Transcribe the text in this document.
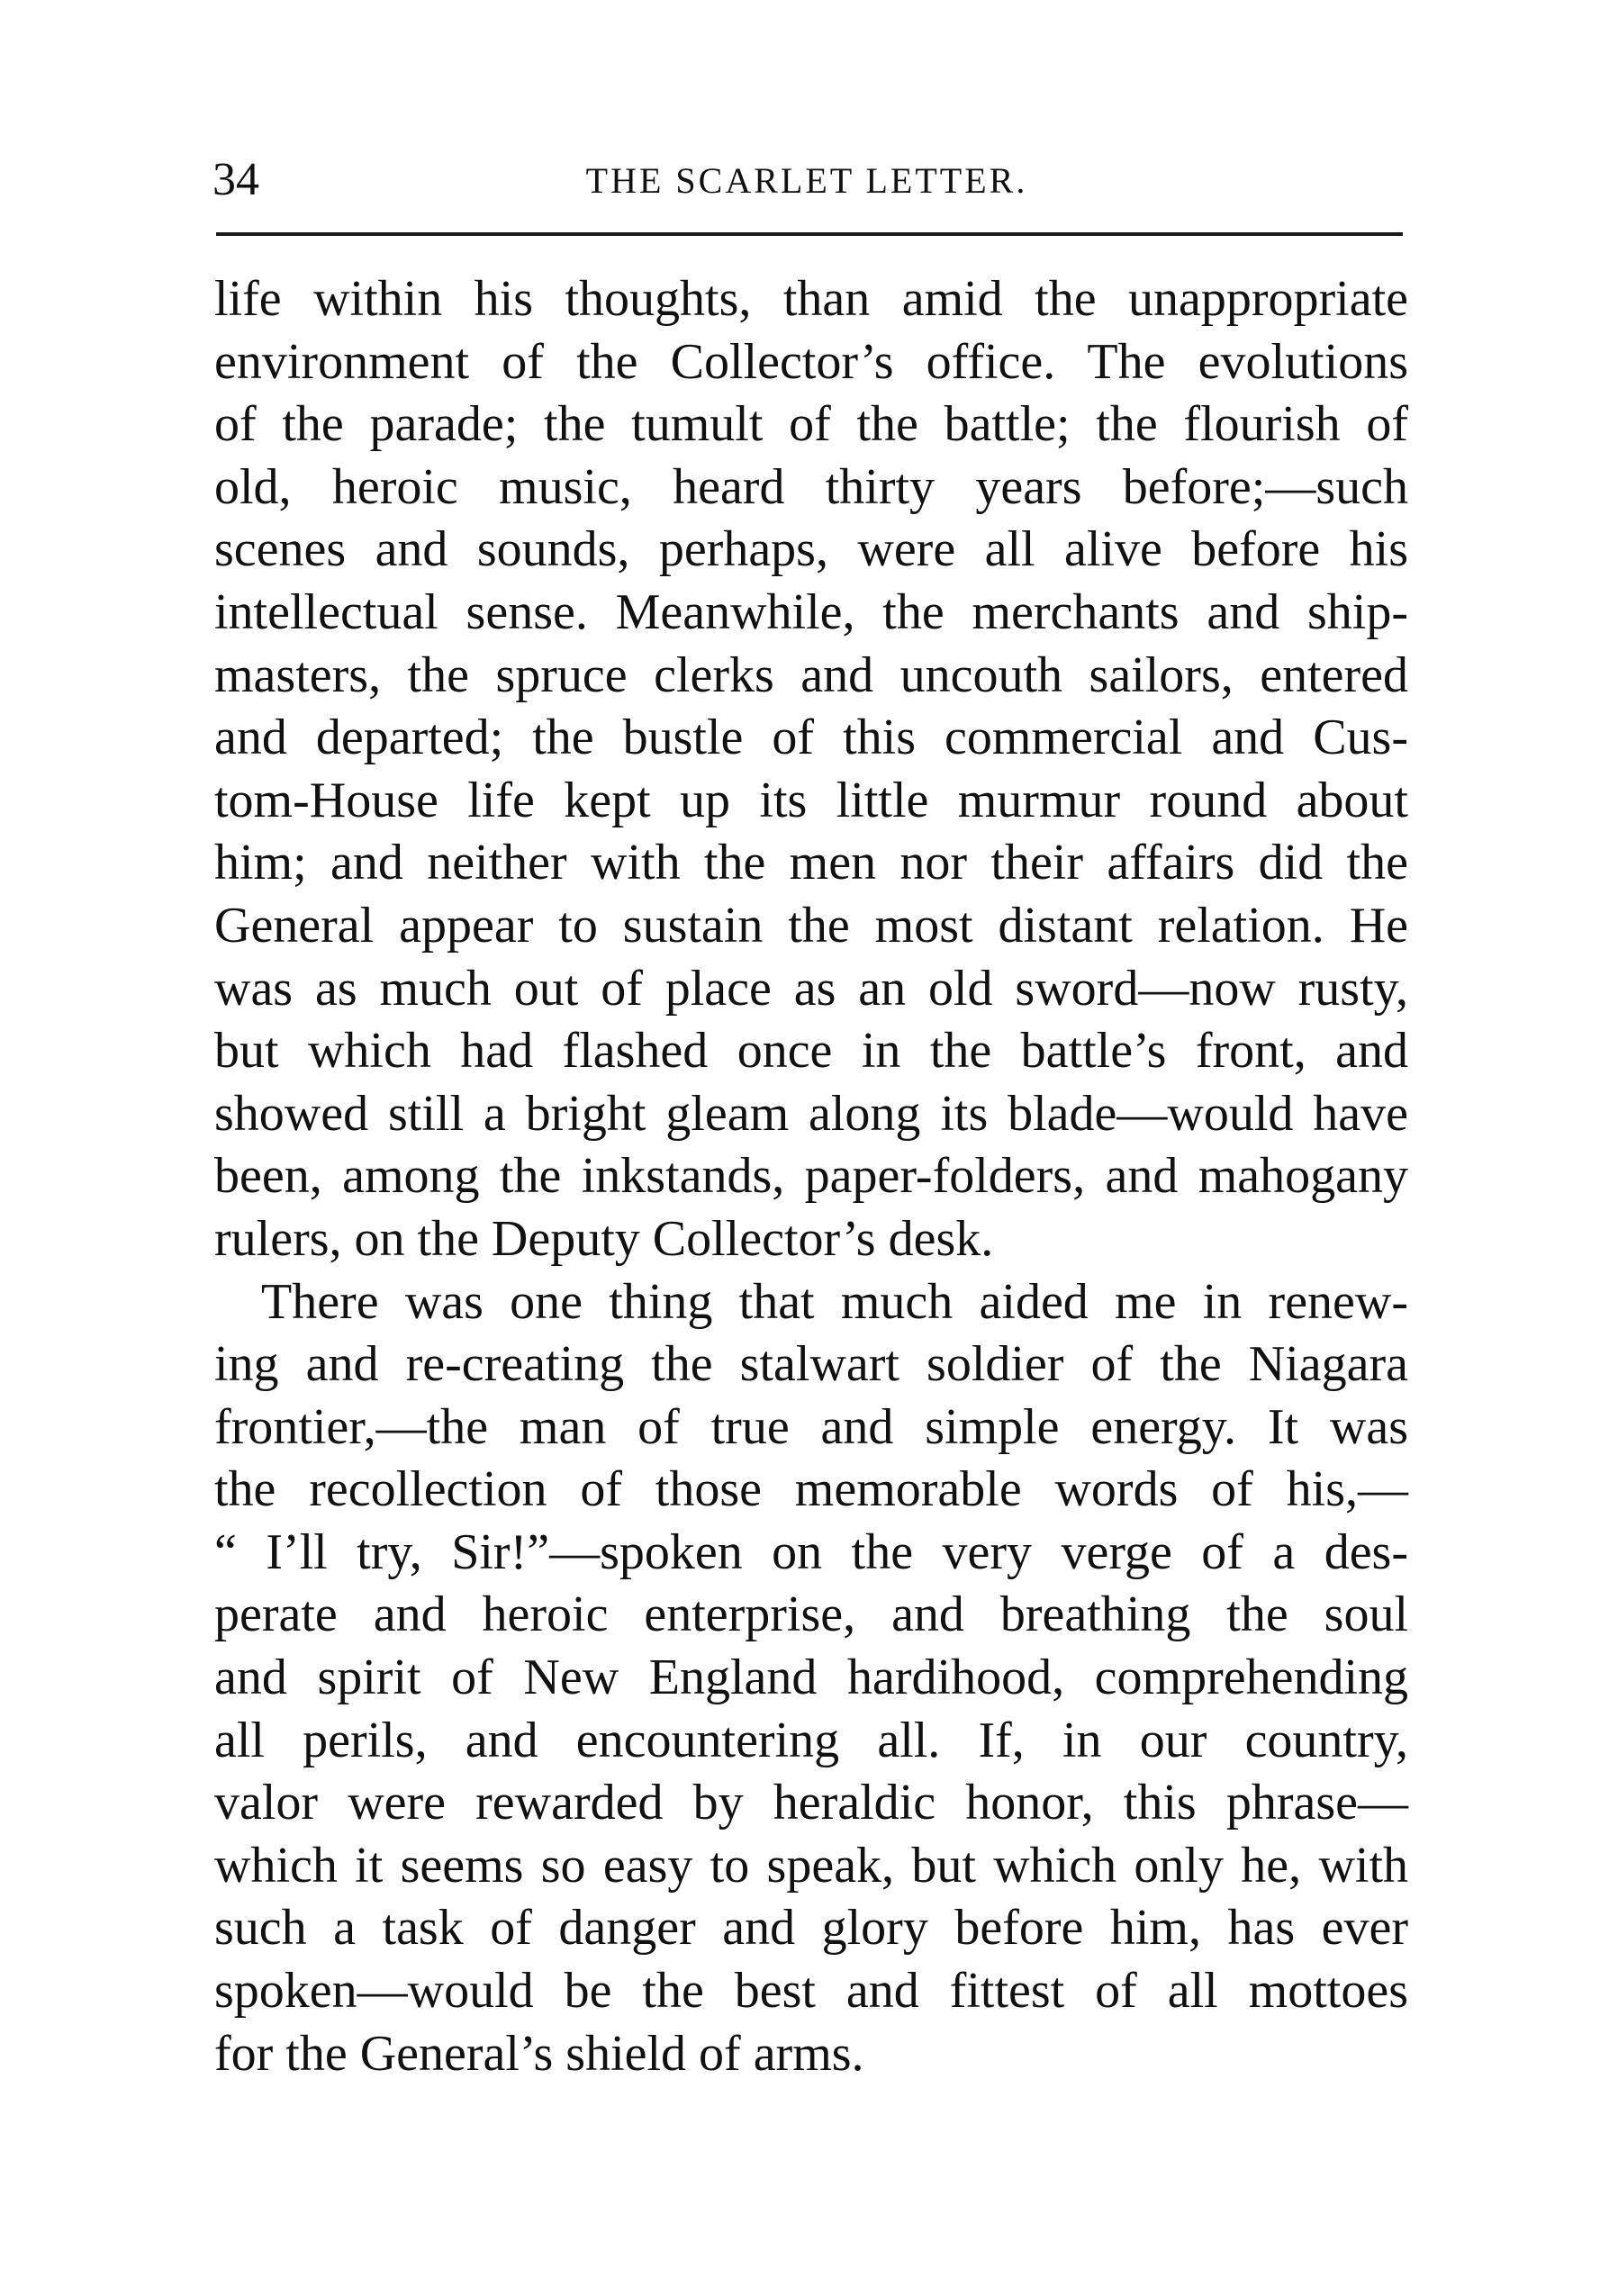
34	THE SCARLET LETTER.
life within his thoughts, than amid the unappropriate
environment of the Collector’s office. The evolutions
of the parade; the tumult of the battle; the flourish of
old, heroic music, heard thirty years before;—such
scenes and sounds, perhaps, were all alive before his
intellectual sense. Meanwhile, the merchants and ship-
masters, the spruce clerks and uncouth sailors, entered
and departed; the bustle of this commercial and Cus-
tom-House life kept up its little murmur round about
him; and neither with the men nor their affairs did the
General appear to sustain the most distant relation. He
was as much out of place as an old sword—now rusty,
but which had flashed once in the battle’s front, and
showed still a bright gleam along its blade—would have
been, among the inkstands, paper-folders, and mahogany
rulers, on the Deputy Collector’s desk.
There was one thing that much aided me in renew-
ing and re-creating the stalwart soldier of the Niagara
frontier,—the man of true and simple energy. It was
the recollection of those memorable words of his,—
“ I’ll try, Sir!”—spoken on the very verge of a des-
perate and heroic enterprise, and breathing the soul
and spirit of New England hardihood, comprehending
all perils, and encountering all. If, in our country,
valor were rewarded by heraldic honor, this phrase—
which it seems so easy to speak, but which only he, with
such a task of danger and glory before him, has ever
spoken—would be the best and fittest of all mottoes
for the General’s shield of arms.
